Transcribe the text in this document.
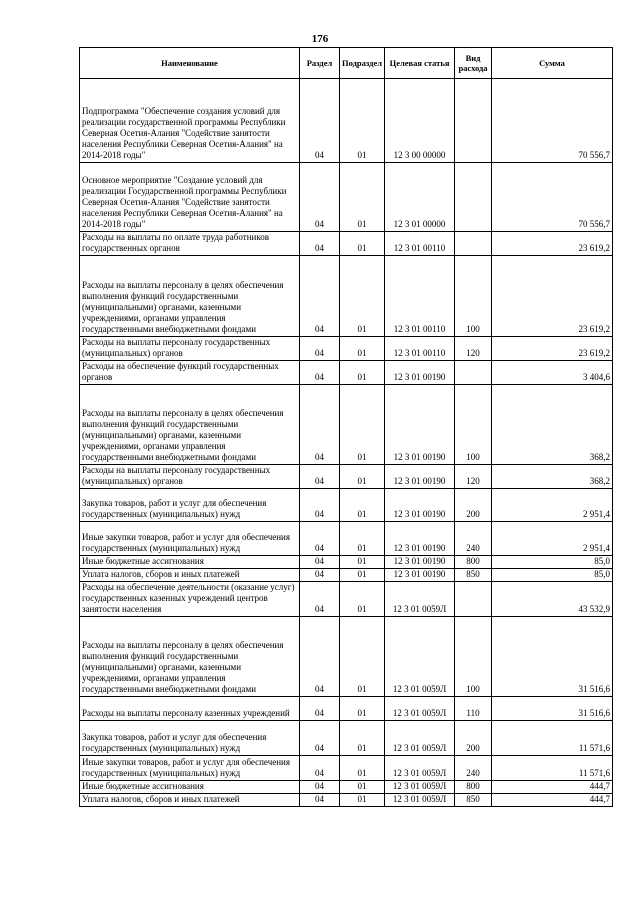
176
Наименование	Раздел	Подраздел	Целевая статья	Вид расхода	Сумма
Подпрограмма "Обеспечение создания условий для реализации государственной программы Республики Северная Осетия-Алания "Содействие занятости населения Республики Северная Осетия-Алания" на 2014-2018 годы"	04	01	12 3 00 00000		70 556,7
Основное мероприятие "Создание условий для реализации Государственной программы Республики Северная Осетия-Алания "Содействие занятости населения Республики Северная Осетия-Алания" на 2014-2018 годы"	04	01	12 3 01 00000		70 556,7
Расходы на выплаты по оплате труда работников государственных органов	04	01	12 3 01 00110		23 619,2
Расходы на выплаты персоналу в целях обеспечения выполнения функций государственными (муниципальными) органами, казенными учреждениями, органами управления государственными внебюджетными фондами	04	01	12 3 01 00110	100	23 619,2
Расходы на выплаты персоналу государственных (муниципальных) органов	04	01	12 3 01 00110	120	23 619,2
Расходы на обеспечение функций государственных органов	04	01	12 3 01 00190		3 404,6
Расходы на выплаты персоналу в целях обеспечения выполнения функций государственными (муниципальными) органами, казенными учреждениями, органами управления государственными внебюджетными фондами	04	01	12 3 01 00190	100	368,2
Расходы на выплаты персоналу государственных (муниципальных) органов	04	01	12 3 01 00190	120	368,2
Закупка товаров, работ и услуг для обеспечения государственных (муниципальных) нужд	04	01	12 3 01 00190	200	2 951,4
Иные закупки товаров, работ и услуг для обеспечения государственных (муниципальных) нужд	04	01	12 3 01 00190	240	2 951,4
Иные бюджетные ассигнования	04	01	12 3 01 00190	800	85,0
Уплата налогов, сборов и иных платежей	04	01	12 3 01 00190	850	85,0
Расходы на обеспечение деятельности (оказание услуг) государственных казенных учреждений центров занятости населения	04	01	12 3 01 0059Л		43 532,9
Расходы на выплаты персоналу в целях обеспечения выполнения функций государственными (муниципальными) органами, казенными учреждениями, органами управления государственными внебюджетными фондами	04	01	12 3 01 0059Л	100	31 516,6
Расходы на выплаты персоналу казенных учреждений	04	01	12 3 01 0059Л	110	31 516,6
Закупка товаров, работ и услуг для обеспечения государственных (муниципальных) нужд	04	01	12 3 01 0059Л	200	11 571,6
Иные закупки товаров, работ и услуг для обеспечения государственных (муниципальных) нужд	04	01	12 3 01 0059Л	240	11 571,6
Иные бюджетные ассигнования	04	01	12 3 01 0059Л	800	444,7
Уплата налогов, сборов и иных платежей	04	01	12 3 01 0059Л	850	444,7
